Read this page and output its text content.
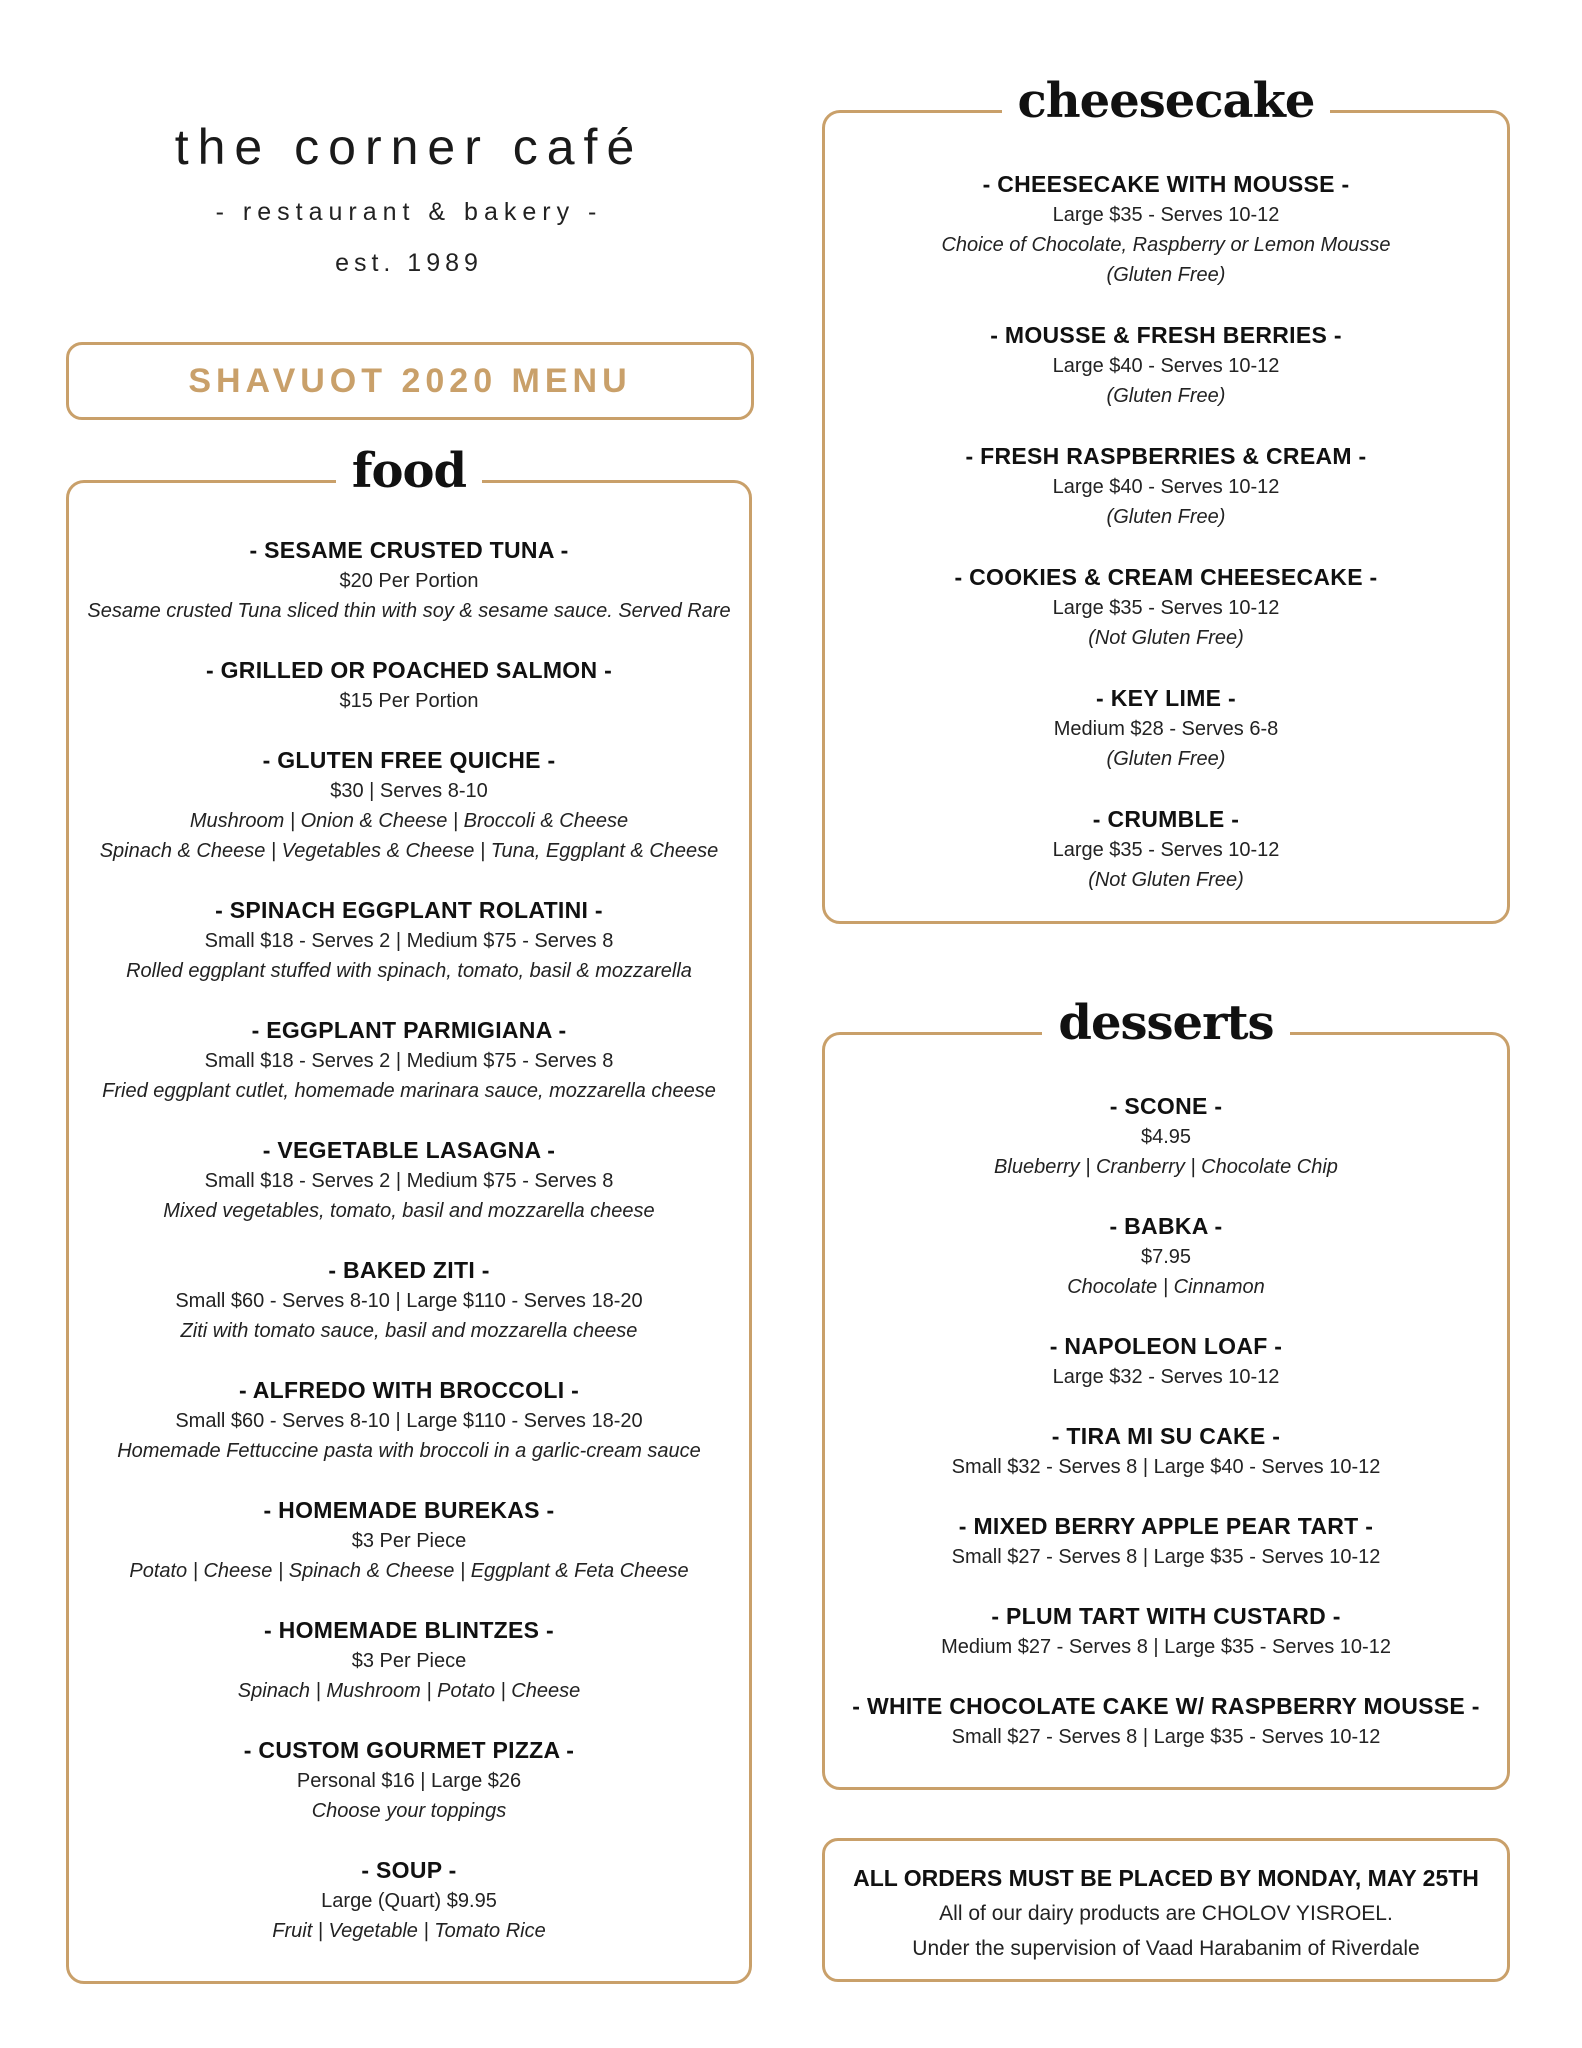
the corner café
- restaurant & bakery -
est. 1989
SHAVUOT 2020 MENU
food
- SESAME CRUSTED TUNA -
$20 Per Portion
Sesame crusted Tuna sliced thin with soy & sesame sauce. Served Rare
- GRILLED OR POACHED SALMON -
$15 Per Portion
- GLUTEN FREE QUICHE -
$30 | Serves 8-10
Mushroom | Onion & Cheese | Broccoli & Cheese
Spinach & Cheese | Vegetables & Cheese | Tuna, Eggplant & Cheese
- SPINACH EGGPLANT ROLATINI -
Small $18 - Serves 2 | Medium $75 - Serves 8
Rolled eggplant stuffed with spinach, tomato, basil & mozzarella
- EGGPLANT PARMIGIANA -
Small $18 - Serves 2 | Medium $75 - Serves 8
Fried eggplant cutlet, homemade marinara sauce, mozzarella cheese
- VEGETABLE LASAGNA -
Small $18 - Serves 2 | Medium $75 - Serves 8
Mixed vegetables, tomato, basil and mozzarella cheese
- BAKED ZITI -
Small $60 - Serves 8-10 | Large $110 - Serves 18-20
Ziti with tomato sauce, basil and mozzarella cheese
- ALFREDO WITH BROCCOLI -
Small $60 - Serves 8-10 | Large $110 - Serves 18-20
Homemade Fettuccine pasta with broccoli in a garlic-cream sauce
- HOMEMADE BUREKAS -
$3 Per Piece
Potato | Cheese | Spinach & Cheese | Eggplant & Feta Cheese
- HOMEMADE BLINTZES -
$3 Per Piece
Spinach | Mushroom | Potato | Cheese
- CUSTOM GOURMET PIZZA -
Personal $16 | Large $26
Choose your toppings
- SOUP -
Large (Quart) $9.95
Fruit | Vegetable | Tomato Rice
cheesecake
- CHEESECAKE WITH MOUSSE -
Large $35 - Serves 10-12
Choice of Chocolate, Raspberry or Lemon Mousse
(Gluten Free)
- MOUSSE & FRESH BERRIES -
Large $40 - Serves 10-12
(Gluten Free)
- FRESH RASPBERRIES & CREAM -
Large $40 - Serves 10-12
(Gluten Free)
- COOKIES & CREAM CHEESECAKE -
Large $35 - Serves 10-12
(Not Gluten Free)
- KEY LIME -
Medium $28 - Serves 6-8
(Gluten Free)
- CRUMBLE -
Large $35 - Serves 10-12
(Not Gluten Free)
desserts
- SCONE -
$4.95
Blueberry | Cranberry | Chocolate Chip
- BABKA -
$7.95
Chocolate | Cinnamon
- NAPOLEON LOAF -
Large $32 - Serves 10-12
- TIRA MI SU CAKE -
Small $32 - Serves 8 | Large $40 - Serves 10-12
- MIXED BERRY APPLE PEAR TART -
Small $27 - Serves 8 | Large $35 - Serves 10-12
- PLUM TART WITH CUSTARD -
Medium $27 - Serves 8 | Large $35 - Serves 10-12
- WHITE CHOCOLATE CAKE W/ RASPBERRY MOUSSE -
Small $27 - Serves 8 | Large $35 - Serves 10-12
ALL ORDERS MUST BE PLACED BY MONDAY, MAY 25TH
All of our dairy products are CHOLOV YISROEL.
Under the supervision of Vaad Harabanim of Riverdale
